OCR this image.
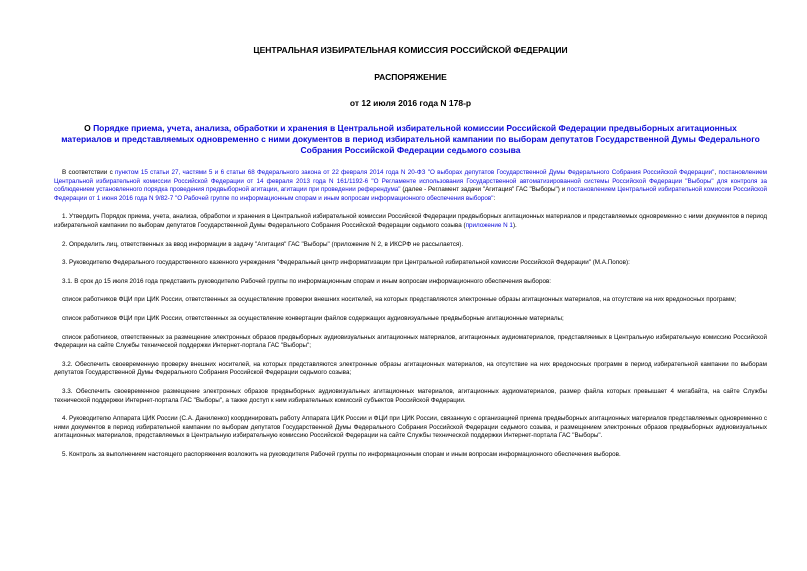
ЦЕНТРАЛЬНАЯ ИЗБИРАТЕЛЬНАЯ КОМИССИЯ РОССИЙСКОЙ ФЕДЕРАЦИИ
РАСПОРЯЖЕНИЕ
от 12 июля 2016 года N 178-р
О Порядке приема, учета, анализа, обработки и хранения в Центральной избирательной комиссии Российской Федерации предвыборных агитационных материалов и представляемых одновременно с ними документов в период избирательной кампании по выборам депутатов Государственной Думы Федерального Собрания Российской Федерации седьмого созыва

В соответствии с пунктом 15 статьи 27, частями 5 и 6 статьи 68 Федерального закона от 22 февраля 2014 года N 20-ФЗ "О выборах депутатов Государственной Думы Федерального Собрания Российской Федерации", постановлением Центральной избирательной комиссии Российской Федерации от 14 февраля 2013 года N 161/1192-6 "О Регламенте использования Государственной автоматизированной системы Российской Федерации "Выборы" для контроля за соблюдением установленного порядка проведения предвыборной агитации, агитации при проведении референдума" (далее - Регламент задачи "Агитация" ГАС "Выборы") и постановлением Центральной избирательной комиссии Российской Федерации от 1 июня 2016 года N 9/82-7 "О Рабочей группе по информационным спорам и иным вопросам информационного обеспечения выборов":

1. Утвердить Порядок приема, учета, анализа, обработки и хранения в Центральной избирательной комиссии Российской Федерации предвыборных агитационных материалов и представляемых одновременно с ними документов в период избирательной кампании по выборам депутатов Государственной Думы Федерального Собрания Российской Федерации седьмого созыва (приложение N 1).

2. Определить лиц, ответственных за ввод информации в задачу "Агитация" ГАС "Выборы" (приложение N 2, в ИКСРФ не рассылается).

3. Руководителю Федерального государственного казенного учреждения "Федеральный центр информатизации при Центральной избирательной комиссии Российской Федерации" (М.А.Попов):

3.1. В срок до 15 июля 2016 года представить руководителю Рабочей группы по информационным спорам и иным вопросам информационного обеспечения выборов:

список работников ФЦИ при ЦИК России, ответственных за осуществление проверки внешних носителей, на которых представляются электронные образы агитационных материалов, на отсутствие на них вредоносных программ;

список работников ФЦИ при ЦИК России, ответственных за осуществление конвертации файлов содержащих аудиовизуальные предвыборные агитационные материалы;

список работников, ответственных за размещение электронных образов предвыборных аудиовизуальных агитационных материалов, агитационных аудиоматериалов, представляемых в Центральную избирательную комиссию Российской Федерации на сайте Службы технической поддержки Интернет-портала ГАС "Выборы";

3.2. Обеспечить своевременную проверку внешних носителей, на которых представляются электронные образы агитационных материалов, на отсутствие на них вредоносных программ в период избирательной кампании по выборам депутатов Государственной Думы Федерального Собрания Российской Федерации седьмого созыва;

3.3. Обеспечить своевременное размещение электронных образов предвыборных аудиовизуальных агитационных материалов, агитационных аудиоматериалов, размер файла которых превышает 4 мегабайта, на сайте Службы технической поддержки Интернет-портала ГАС "Выборы", а также доступ к ним избирательных комиссий субъектов Российской Федерации.

4. Руководителю Аппарата ЦИК России (С.А. Даниленко) координировать работу Аппарата ЦИК России и ФЦИ при ЦИК России, связанную с организацией приема предвыборных агитационных материалов представляемых одновременно с ними документов в период избирательной кампании по выборам депутатов Государственной Думы Федерального Собрания Российской Федерации седьмого созыва, и размещением электронных образов предвыборных аудиовизуальных агитационных материалов, представляемых в Центральную избирательную комиссию Российской Федерации на сайте Службы технической поддержки Интернет-портала ГАС "Выборы".

5. Контроль за выполнением настоящего распоряжения возложить на руководителя Рабочей группы по информационным спорам и иным вопросам информационного обеспечения выборов.
